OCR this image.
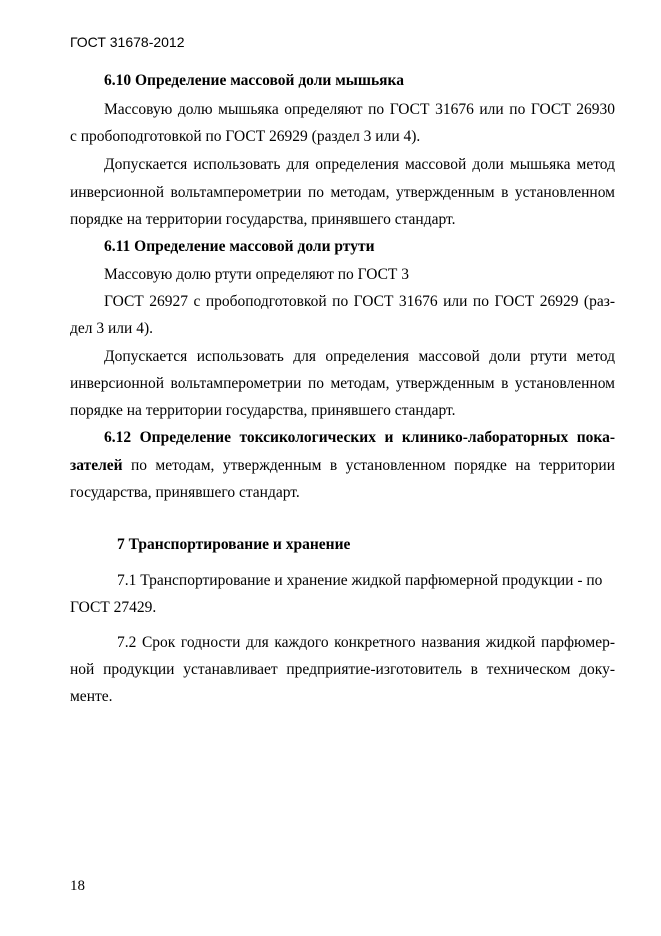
ГОСТ 31678-2012
6.10 Определение массовой доли мышьяка
Массовую долю мышьяка определяют по ГОСТ 31676 или по ГОСТ 26930
с пробоподготовкой по ГОСТ 26929 (раздел 3 или 4).
Допускается использовать для определения массовой доли мышьяка метод
инверсионной вольтамперометрии по методам, утвержденным в установленном
порядке на территории государства, принявшего стандарт.
6.11 Определение массовой доли ртути
Массовую долю ртути определяют по ГОСТ 3
ГОСТ 26927 с пробоподготовкой по ГОСТ 31676 или по ГОСТ 26929 (раз-
дел 3 или 4).
Допускается использовать для определения массовой доли ртути метод
инверсионной вольтамперометрии по методам, утвержденным в установленном
порядке на территории государства, принявшего стандарт.
6.12 Определение токсикологических и клинико-лабораторных пока-
зателей по методам, утвержденным в установленном порядке на территории
государства, принявшего стандарт.
7 Транспортирование и хранение
7.1 Транспортирование и хранение жидкой парфюмерной продукции - по
ГОСТ 27429.
7.2 Срок годности для каждого конкретного названия жидкой парфюмер-
ной продукции устанавливает предприятие-изготовитель в техническом доку-
менте.
18
